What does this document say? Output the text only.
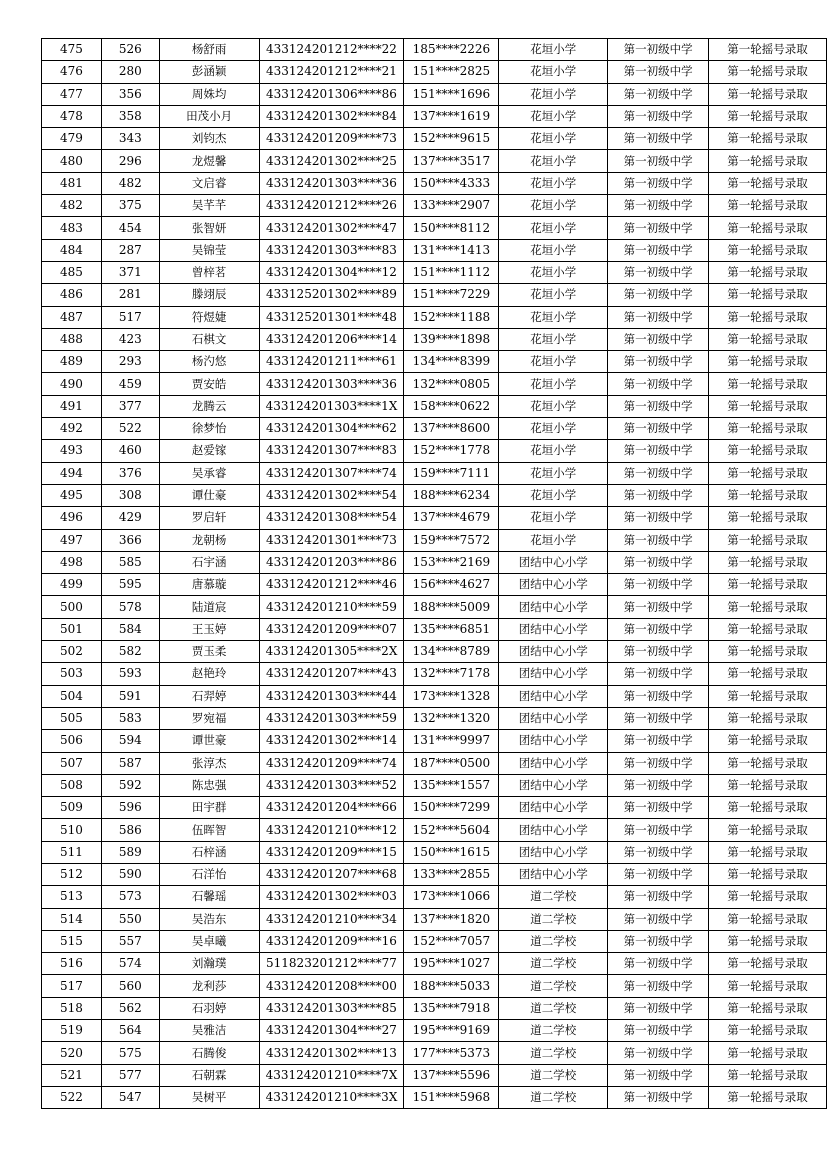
475	526	杨舒雨	433124201212****22	185****2226	花垣小学	第一初级中学	第一轮摇号录取
476	280	彭涵颖	433124201212****21	151****2825	花垣小学	第一初级中学	第一轮摇号录取
477	356	周姝均	433124201306****86	151****1696	花垣小学	第一初级中学	第一轮摇号录取
478	358	田茂小月	433124201302****84	137****1619	花垣小学	第一初级中学	第一轮摇号录取
479	343	刘钧杰	433124201209****73	152****9615	花垣小学	第一初级中学	第一轮摇号录取
480	296	龙煜馨	433124201302****25	137****3517	花垣小学	第一初级中学	第一轮摇号录取
481	482	文启睿	433124201303****36	150****4333	花垣小学	第一初级中学	第一轮摇号录取
482	375	吴芊芊	433124201212****26	133****2907	花垣小学	第一初级中学	第一轮摇号录取
483	454	张智妍	433124201302****47	150****8112	花垣小学	第一初级中学	第一轮摇号录取
484	287	吴锦莹	433124201303****83	131****1413	花垣小学	第一初级中学	第一轮摇号录取
485	371	曾梓茗	433124201304****12	151****1112	花垣小学	第一初级中学	第一轮摇号录取
486	281	滕翊辰	433125201302****89	151****7229	花垣小学	第一初级中学	第一轮摇号录取
487	517	符煜婕	433125201301****48	152****1188	花垣小学	第一初级中学	第一轮摇号录取
488	423	石棋文	433124201206****14	139****1898	花垣小学	第一初级中学	第一轮摇号录取
489	293	杨汋悠	433124201211****61	134****8399	花垣小学	第一初级中学	第一轮摇号录取
490	459	贾安皓	433124201303****36	132****0805	花垣小学	第一初级中学	第一轮摇号录取
491	377	龙腾云	433124201303****1X	158****0622	花垣小学	第一初级中学	第一轮摇号录取
492	522	徐梦怡	433124201304****62	137****8600	花垣小学	第一初级中学	第一轮摇号录取
493	460	赵爱镓	433124201307****83	152****1778	花垣小学	第一初级中学	第一轮摇号录取
494	376	吴承睿	433124201307****74	159****7111	花垣小学	第一初级中学	第一轮摇号录取
495	308	谭仕豪	433124201302****54	188****6234	花垣小学	第一初级中学	第一轮摇号录取
496	429	罗启轩	433124201308****54	137****4679	花垣小学	第一初级中学	第一轮摇号录取
497	366	龙朝杨	433124201301****73	159****7572	花垣小学	第一初级中学	第一轮摇号录取
498	585	石宇涵	433124201203****86	153****2169	团结中心小学	第一初级中学	第一轮摇号录取
499	595	唐慕璇	433124201212****46	156****4627	团结中心小学	第一初级中学	第一轮摇号录取
500	578	陆道宸	433124201210****59	188****5009	团结中心小学	第一初级中学	第一轮摇号录取
501	584	王玉婷	433124201209****07	135****6851	团结中心小学	第一初级中学	第一轮摇号录取
502	582	贾玉柔	433124201305****2X	134****8789	团结中心小学	第一初级中学	第一轮摇号录取
503	593	赵艳玲	433124201207****43	132****7178	团结中心小学	第一初级中学	第一轮摇号录取
504	591	石羿婷	433124201303****44	173****1328	团结中心小学	第一初级中学	第一轮摇号录取
505	583	罗宛福	433124201303****59	132****1320	团结中心小学	第一初级中学	第一轮摇号录取
506	594	谭世豪	433124201302****14	131****9997	团结中心小学	第一初级中学	第一轮摇号录取
507	587	张淳杰	433124201209****74	187****0500	团结中心小学	第一初级中学	第一轮摇号录取
508	592	陈忠强	433124201303****52	135****1557	团结中心小学	第一初级中学	第一轮摇号录取
509	596	田宇群	433124201204****66	150****7299	团结中心小学	第一初级中学	第一轮摇号录取
510	586	伍晖智	433124201210****12	152****5604	团结中心小学	第一初级中学	第一轮摇号录取
511	589	石梓涵	433124201209****15	150****1615	团结中心小学	第一初级中学	第一轮摇号录取
512	590	石洋怡	433124201207****68	133****2855	团结中心小学	第一初级中学	第一轮摇号录取
513	573	石馨瑶	433124201302****03	173****1066	道二学校	第一初级中学	第一轮摇号录取
514	550	吴浩东	433124201210****34	137****1820	道二学校	第一初级中学	第一轮摇号录取
515	557	吴卓曦	433124201209****16	152****7057	道二学校	第一初级中学	第一轮摇号录取
516	574	刘瀚璞	511823201212****77	195****1027	道二学校	第一初级中学	第一轮摇号录取
517	560	龙利莎	433124201208****00	188****5033	道二学校	第一初级中学	第一轮摇号录取
518	562	石羽婷	433124201303****85	135****7918	道二学校	第一初级中学	第一轮摇号录取
519	564	吴雅洁	433124201304****27	195****9169	道二学校	第一初级中学	第一轮摇号录取
520	575	石腾俊	433124201302****13	177****5373	道二学校	第一初级中学	第一轮摇号录取
521	577	石朝霖	433124201210****7X	137****5596	道二学校	第一初级中学	第一轮摇号录取
522	547	吴树平	433124201210****3X	151****5968	道二学校	第一初级中学	第一轮摇号录取
